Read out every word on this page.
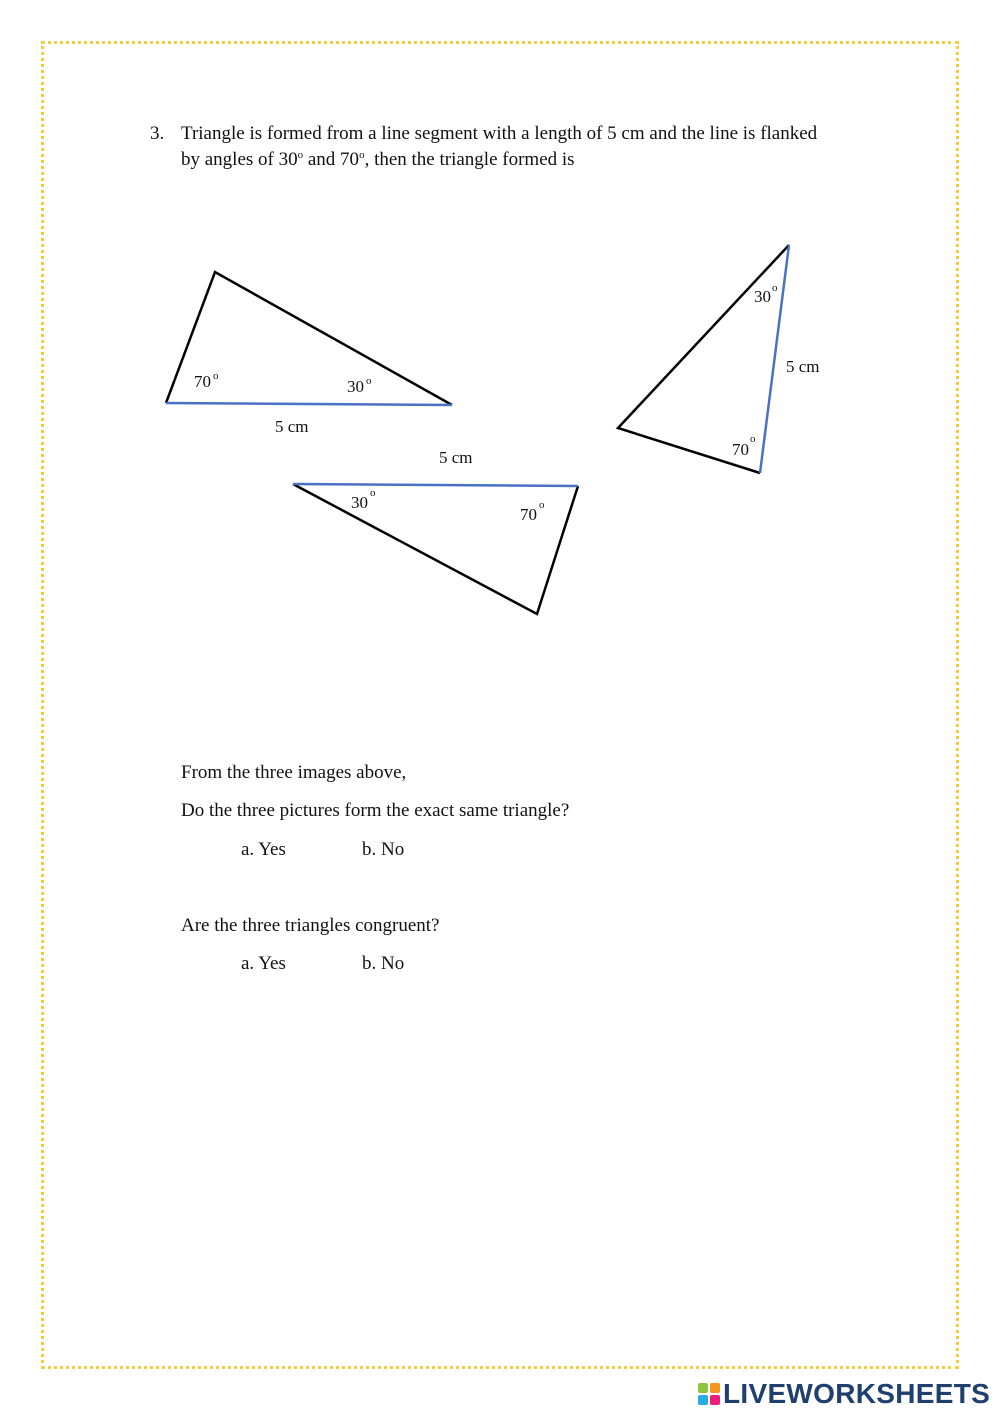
3. Triangle is formed from a line segment with a length of 5 cm and the line is flanked
by angles of 30$^o$ and 70$^o$, then the triangle formed is
70 o
30 o
5 cm
30 o
70
o
5 cm
30 o
70 o
5 cm
From the three images above,
Do the three pictures form the exact same triangle?
a. Yes	b. No
Are the three triangles congruent?
a. Yes	b. No
LIVEWORKSHEETS
